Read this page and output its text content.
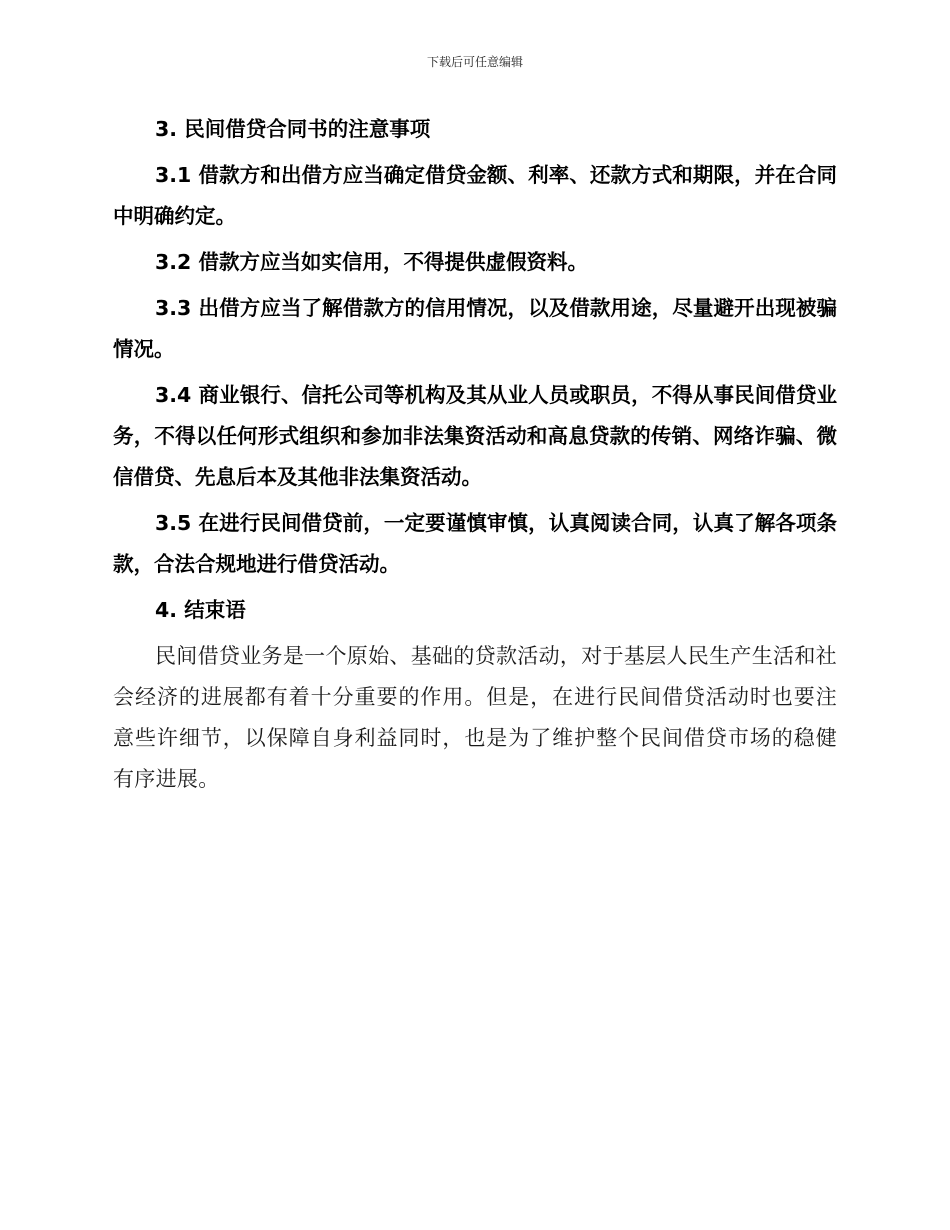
下载后可任意编辑

3. 民间借贷合同书的注意事项

3.1 借款方和出借方应当确定借贷金额、利率、还款方式和期限，并在合同中明确约定。

3.2 借款方应当如实信用，不得提供虚假资料。

3.3 出借方应当了解借款方的信用情况，以及借款用途，尽量避开出现被骗情况。

3.4 商业银行、信托公司等机构及其从业人员或职员，不得从事民间借贷业务，不得以任何形式组织和参加非法集资活动和高息贷款的传销、网络诈骗、微信借贷、先息后本及其他非法集资活动。

3.5 在进行民间借贷前，一定要谨慎审慎，认真阅读合同，认真了解各项条款，合法合规地进行借贷活动。

4. 结束语

民间借贷业务是一个原始、基础的贷款活动，对于基层人民生产生活和社会经济的进展都有着十分重要的作用。但是，在进行民间借贷活动时也要注意些许细节，以保障自身利益同时，也是为了维护整个民间借贷市场的稳健有序进展。
